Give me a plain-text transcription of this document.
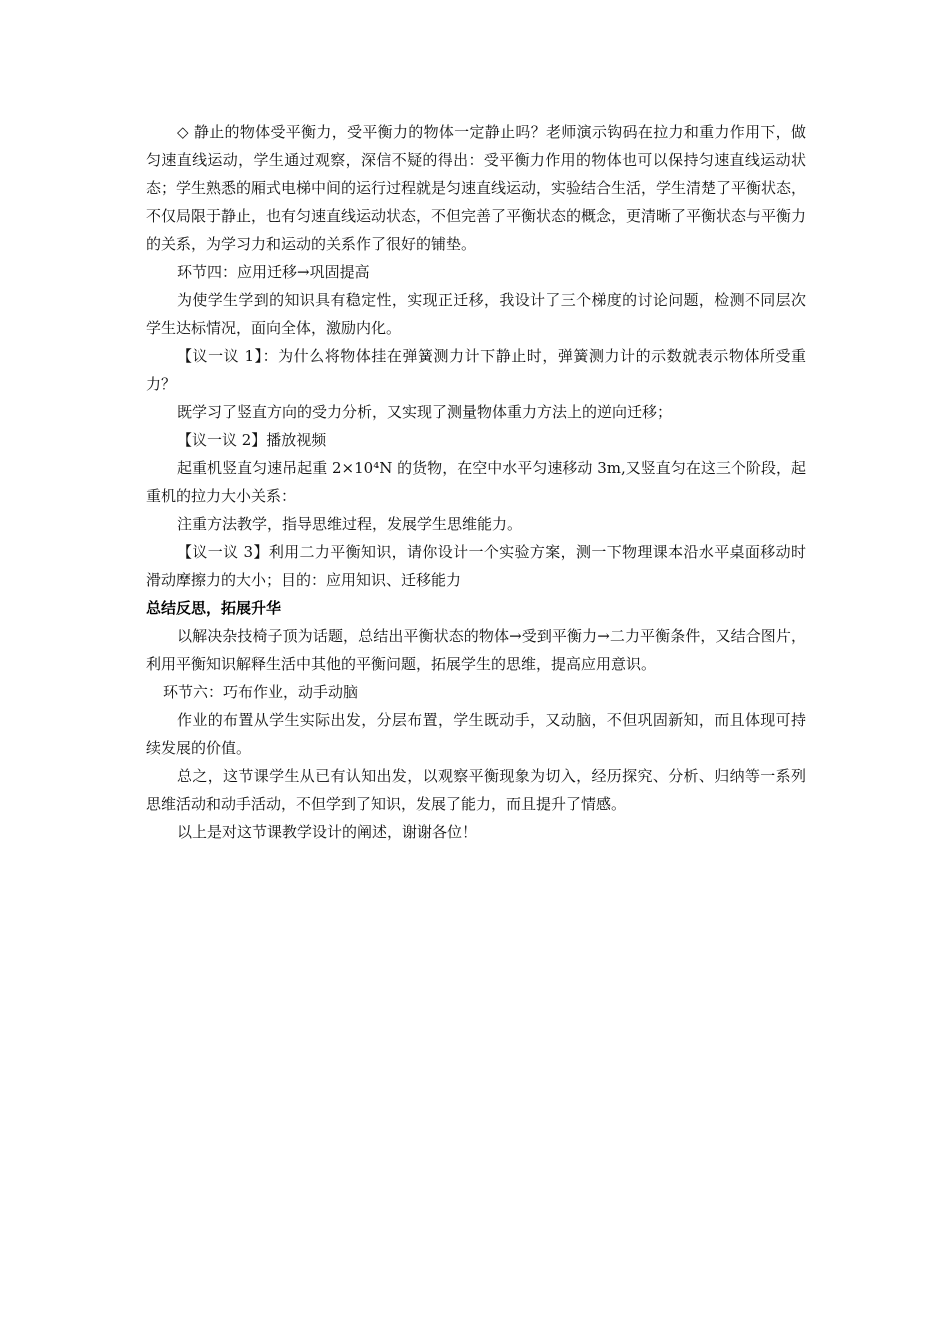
◇ 静止的物体受平衡力，受平衡力的物体一定静止吗？老师演示钩码在拉力和重力作用下，做匀速直线运动，学生通过观察，深信不疑的得出：受平衡力作用的物体也可以保持匀速直线运动状态；学生熟悉的厢式电梯中间的运行过程就是匀速直线运动，实验结合生活，学生清楚了平衡状态，不仅局限于静止，也有匀速直线运动状态，不但完善了平衡状态的概念，更清晰了平衡状态与平衡力的关系，为学习力和运动的关系作了很好的铺垫。

环节四：应用迁移→巩固提高

为使学生学到的知识具有稳定性，实现正迁移，我设计了三个梯度的讨论问题，检测不同层次学生达标情况，面向全体，激励内化。

【议一议 1】：为什么将物体挂在弹簧测力计下静止时，弹簧测力计的示数就表示物体所受重力？

既学习了竖直方向的受力分析，又实现了测量物体重力方法上的逆向迁移；

【议一议 2】播放视频

起重机竖直匀速吊起重 2×10⁴N 的货物，在空中水平匀速移动 3m,又竖直匀在这三个阶段，起重机的拉力大小关系：

注重方法教学，指导思维过程，发展学生思维能力。

【议一议 3】利用二力平衡知识，请你设计一个实验方案，测一下物理课本沿水平桌面移动时滑动摩擦力的大小；目的：应用知识、迁移能力

总结反思，拓展升华

以解决杂技椅子顶为话题，总结出平衡状态的物体→受到平衡力→二力平衡条件，又结合图片，利用平衡知识解释生活中其他的平衡问题，拓展学生的思维，提高应用意识。

环节六：巧布作业，动手动脑

作业的布置从学生实际出发，分层布置，学生既动手，又动脑，不但巩固新知，而且体现可持续发展的价值。

总之，这节课学生从已有认知出发，以观察平衡现象为切入，经历探究、分析、归纳等一系列思维活动和动手活动，不但学到了知识，发展了能力，而且提升了情感。

以上是对这节课教学设计的阐述，谢谢各位！
